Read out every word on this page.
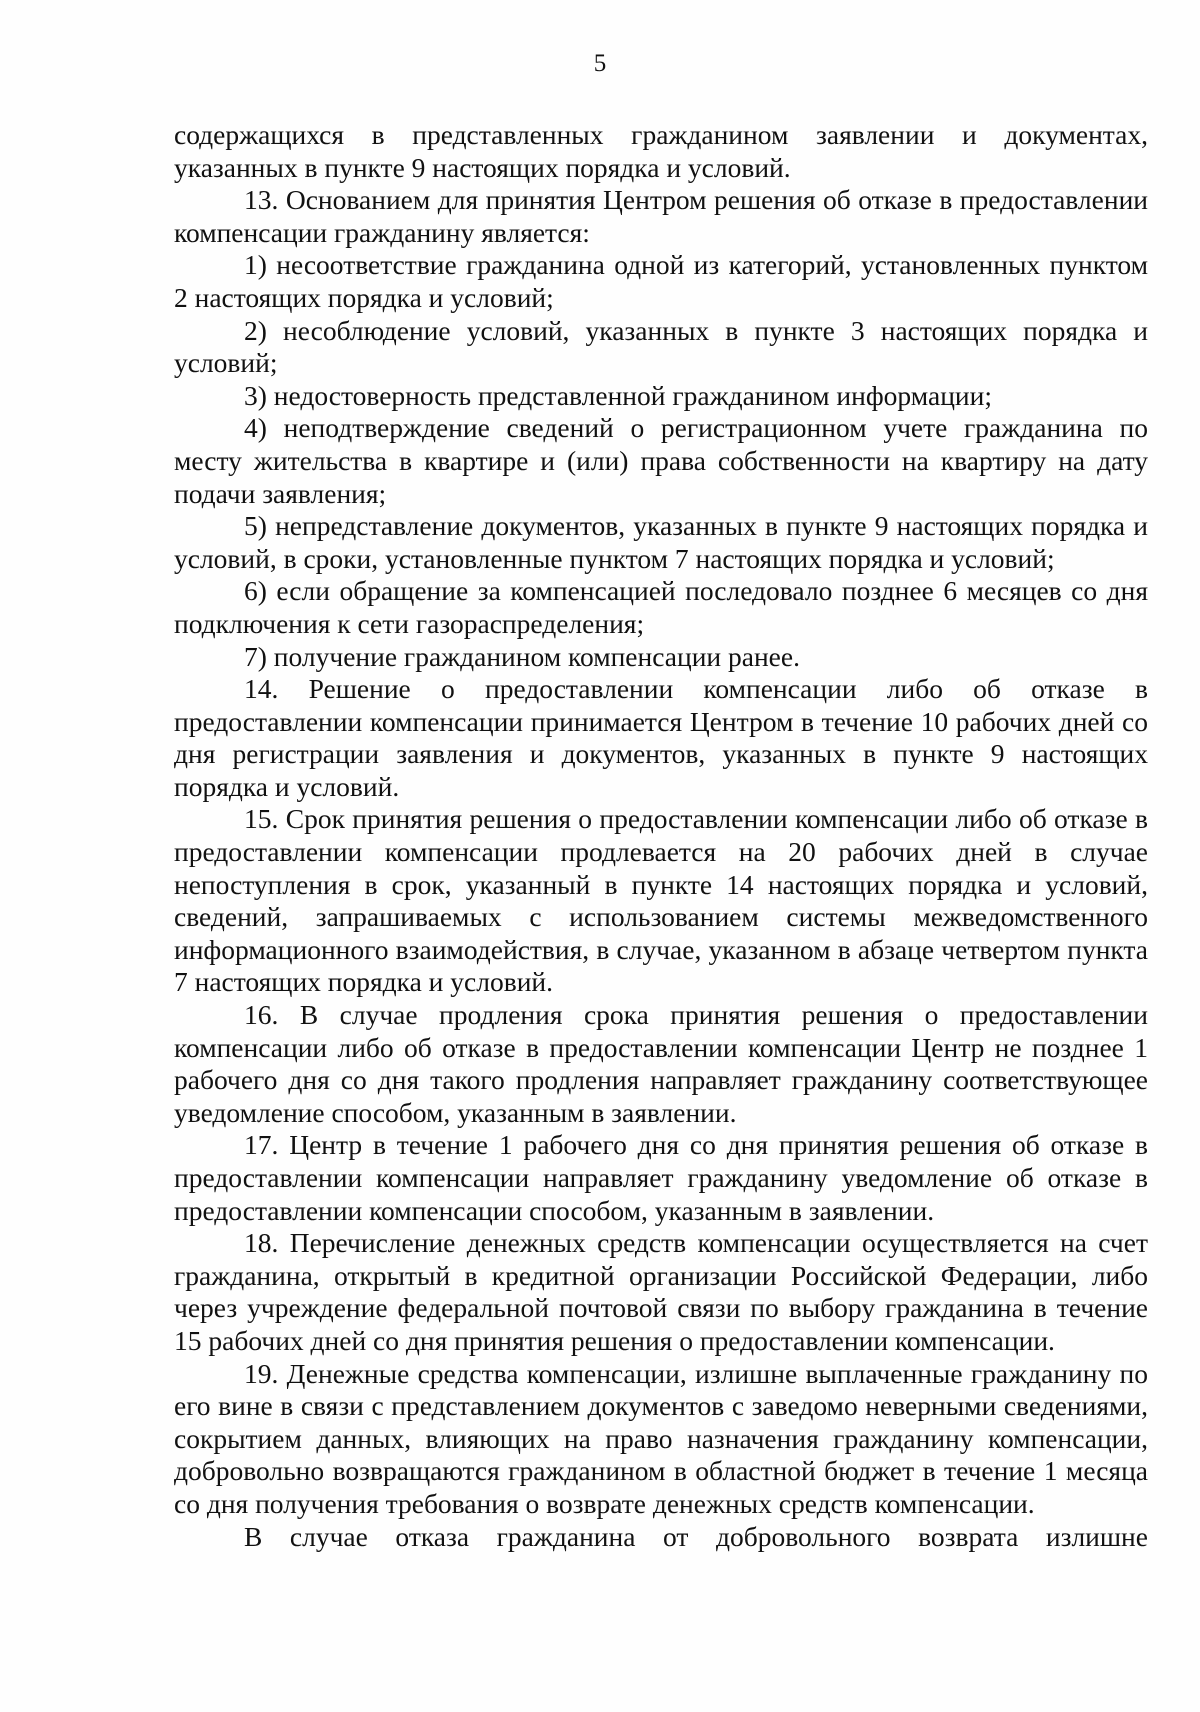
5

содержащихся в представленных гражданином заявлении и документах, указанных в пункте 9 настоящих порядка и условий.

13. Основанием для принятия Центром решения об отказе в предоставлении компенсации гражданину является:

1) несоответствие гражданина одной из категорий, установленных пунктом 2 настоящих порядка и условий;

2) несоблюдение условий, указанных в пункте 3 настоящих порядка и условий;

3) недостоверность представленной гражданином информации;

4) неподтверждение сведений о регистрационном учете гражданина по месту жительства в квартире и (или) права собственности на квартиру на дату подачи заявления;

5) непредставление документов, указанных в пункте 9 настоящих порядка и условий, в сроки, установленные пунктом 7 настоящих порядка и условий;

6) если обращение за компенсацией последовало позднее 6 месяцев со дня подключения к сети газораспределения;

7) получение гражданином компенсации ранее.

14. Решение о предоставлении компенсации либо об отказе в предоставлении компенсации принимается Центром в течение 10 рабочих дней со дня регистрации заявления и документов, указанных в пункте 9 настоящих порядка и условий.

15. Срок принятия решения о предоставлении компенсации либо об отказе в предоставлении компенсации продлевается на 20 рабочих дней в случае непоступления в срок, указанный в пункте 14 настоящих порядка и условий, сведений, запрашиваемых с использованием системы межведомственного информационного взаимодействия, в случае, указанном в абзаце четвертом пункта 7 настоящих порядка и условий.

16. В случае продления срока принятия решения о предоставлении компенсации либо об отказе в предоставлении компенсации Центр не позднее 1 рабочего дня со дня такого продления направляет гражданину соответствующее уведомление способом, указанным в заявлении.

17. Центр в течение 1 рабочего дня со дня принятия решения об отказе в предоставлении компенсации направляет гражданину уведомление об отказе в предоставлении компенсации способом, указанным в заявлении.

18. Перечисление денежных средств компенсации осуществляется на счет гражданина, открытый в кредитной организации Российской Федерации, либо через учреждение федеральной почтовой связи по выбору гражданина в течение 15 рабочих дней со дня принятия решения о предоставлении компенсации.

19. Денежные средства компенсации, излишне выплаченные гражданину по его вине в связи с представлением документов с заведомо неверными сведениями, сокрытием данных, влияющих на право назначения гражданину компенсации, добровольно возвращаются гражданином в областной бюджет в течение 1 месяца со дня получения требования о возврате денежных средств компенсации.

В случае отказа гражданина от добровольного возврата излишне
